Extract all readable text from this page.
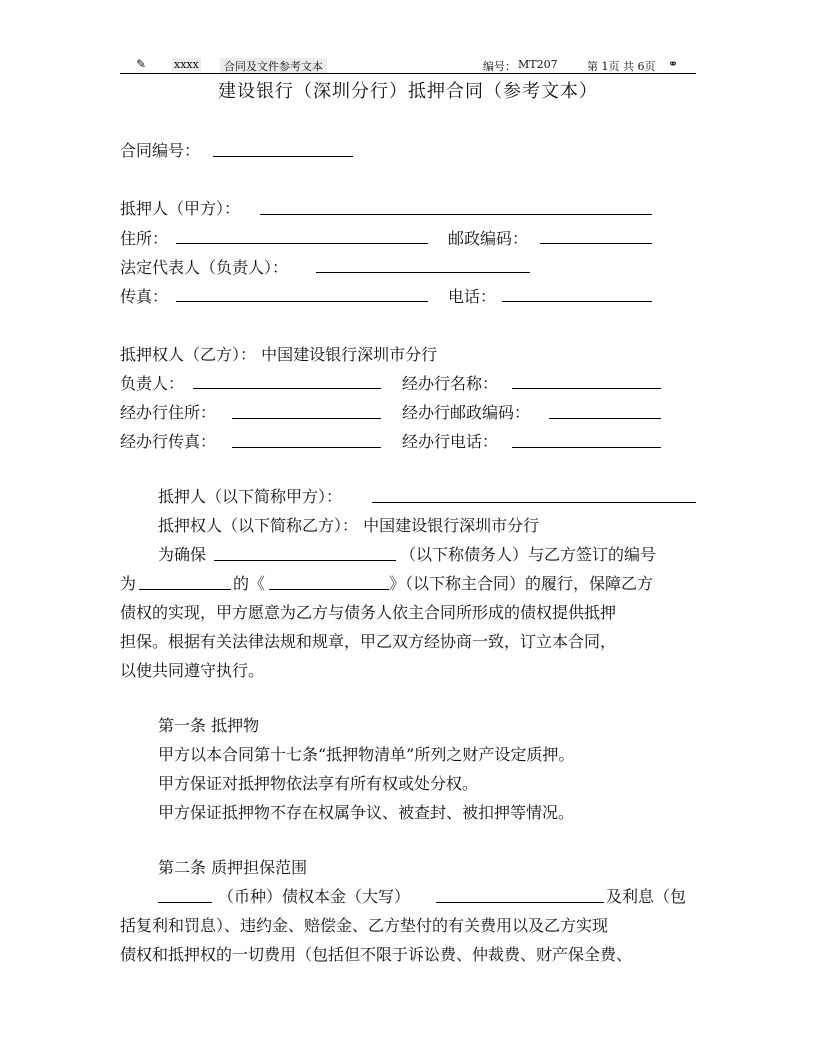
✎	xxxx	合同及文件参考文本	编号： MT207	第 1页 共 6页 ⚭
建设银行（深圳分行）抵押合同（参考文本）
合同编号：
抵押人（甲方）：
住所：	邮政编码：
法定代表人（负责人）：
传真：	电话：
抵押权人（乙方）： 中国建设银行深圳市分行
负责人：	经办行名称：
经办行住所：	经办行邮政编码：
经办行传真：	经办行电话：
抵押人（以下简称甲方）：
抵押权人（以下简称乙方）： 中国建设银行深圳市分行
为确保	（以下称债务人）与乙方签订的编号
为	的《	》（以下称主合同）的履行，保障乙方
债权的实现，甲方愿意为乙方与债务人依主合同所形成的债权提供抵押
担保。根据有关法律法规和规章，甲乙双方经协商一致，订立本合同，
以使共同遵守执行。
第一条 抵押物
甲方以本合同第十七条“抵押物清单”所列之财产设定质押。
甲方保证对抵押物依法享有所有权或处分权。
甲方保证抵押物不存在权属争议、被查封、被扣押等情况。
第二条 质押担保范围
（币种）债权本金（大写）	及利息（包
括复利和罚息）、违约金、赔偿金、乙方垫付的有关费用以及乙方实现
债权和抵押权的一切费用（包括但不限于诉讼费、仲裁费、财产保全费、
